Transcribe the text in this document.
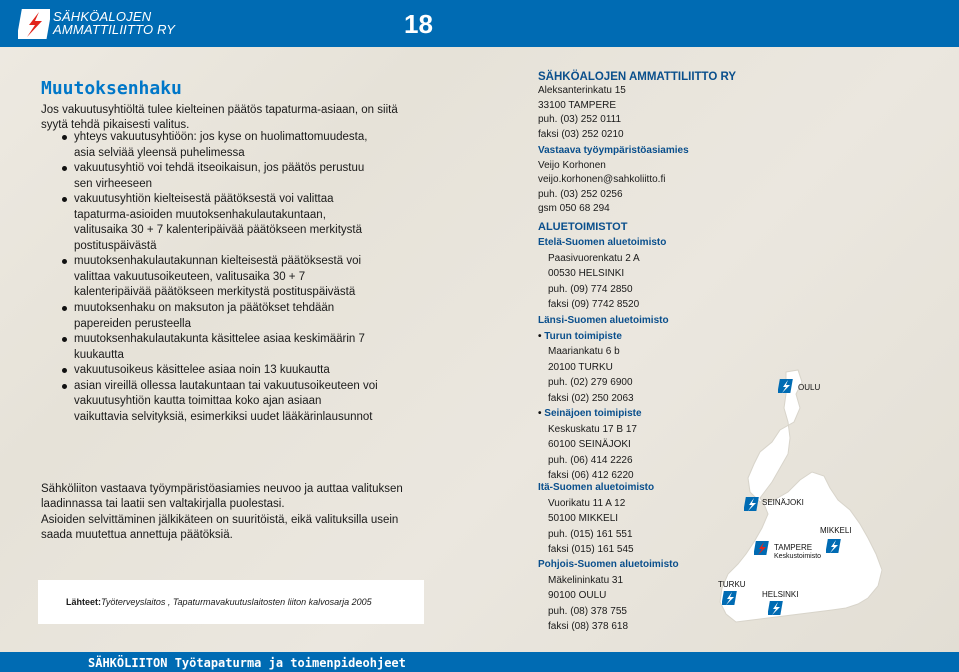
SÄHKÖALOJEN
AMMATTILIITTO RY	18
Muutoksenhaku
Jos vakuutusyhtiöltä tulee kielteinen päätös tapaturma-asiaan, on siitä syytä tehdä pikaisesti valitus.
yhteys vakuutusyhtiöön: jos kyse on huolimattomuudesta, asia selviää yleensä puhelimessa
vakuutusyhtiö voi tehdä itseoikaisun, jos päätös perustuu sen virheeseen
vakuutusyhtiön kielteisestä päätöksestä voi valittaa tapaturma-asioiden muutoksenhakulautakuntaan, valitusaika 30 + 7 kalenteripäivää päätökseen merkitystä postituspäivästä
muutoksenhakulautakunnan kielteisestä päätöksestä voi valittaa vakuutusoikeuteen, valitusaika 30 + 7 kalenteripäivää päätökseen merkitystä postituspäivästä
muutoksenhaku on maksuton ja päätökset tehdään papereiden perusteella
muutoksenhakulautakunta käsittelee asiaa keskimäärin 7 kuukautta
vakuutusoikeus käsittelee asiaa noin 13 kuukautta
asian vireillä ollessa lautakuntaan tai vakuutusoikeuteen voi vakuutusyhtiön kautta toimittaa koko ajan asiaan vaikuttavia selvityksiä, esimerkiksi uudet lääkärinlausunnot
Sähköliiton vastaava työympäristöasiamies neuvoo ja auttaa valituksen laadinnassa tai laatii sen valtakirjalla puolestasi.
Asioiden selvittäminen jälkikäteen on suuritöistä, eikä valituksilla usein saada muutettua annettuja päätöksiä.
Lähteet:Työterveyslaitos , Tapaturmavakuutuslaitosten liiton kalvosarja 2005
SÄHKÖALOJEN AMMATTILIITTO RY
Aleksanterinkatu 15
33100 TAMPERE
puh. (03) 252 0111
faksi (03) 252 0210
Vastaava työympäristöasiamies
Veijo Korhonen
veijo.korhonen@sahkoliitto.fi
puh. (03) 252 0256
gsm 050 68 294
ALUETOIMISTOT
Etelä-Suomen aluetoimisto
Paasivuorenkatu 2 A
00530 HELSINKI
puh. (09) 774 2850
faksi (09) 7742 8520
Länsi-Suomen aluetoimisto
• Turun toimipiste
Maariankatu 6 b
20100 TURKU
puh. (02) 279 6900
faksi (02) 250 2063
• Seinäjoen toimipiste
Keskuskatu 17 B 17
60100 SEINÄJOKI
puh. (06) 414 2226
faksi (06) 412 6220
Itä-Suomen aluetoimisto
Vuorikatu 11 A 12
50100 MIKKELI
puh. (015) 161 551
faksi (015) 161 545
Pohjois-Suomen aluetoimisto
Mäkelininkatu 31
90100 OULU
puh. (08) 378 755
faksi (08) 378 618
OULU
SEINÄJOKI
MIKKELI
TAMPERE
Keskustoimisto
TURKU
HELSINKI
SÄHKÖLIITON Työtapaturma ja toimenpideohjeet
